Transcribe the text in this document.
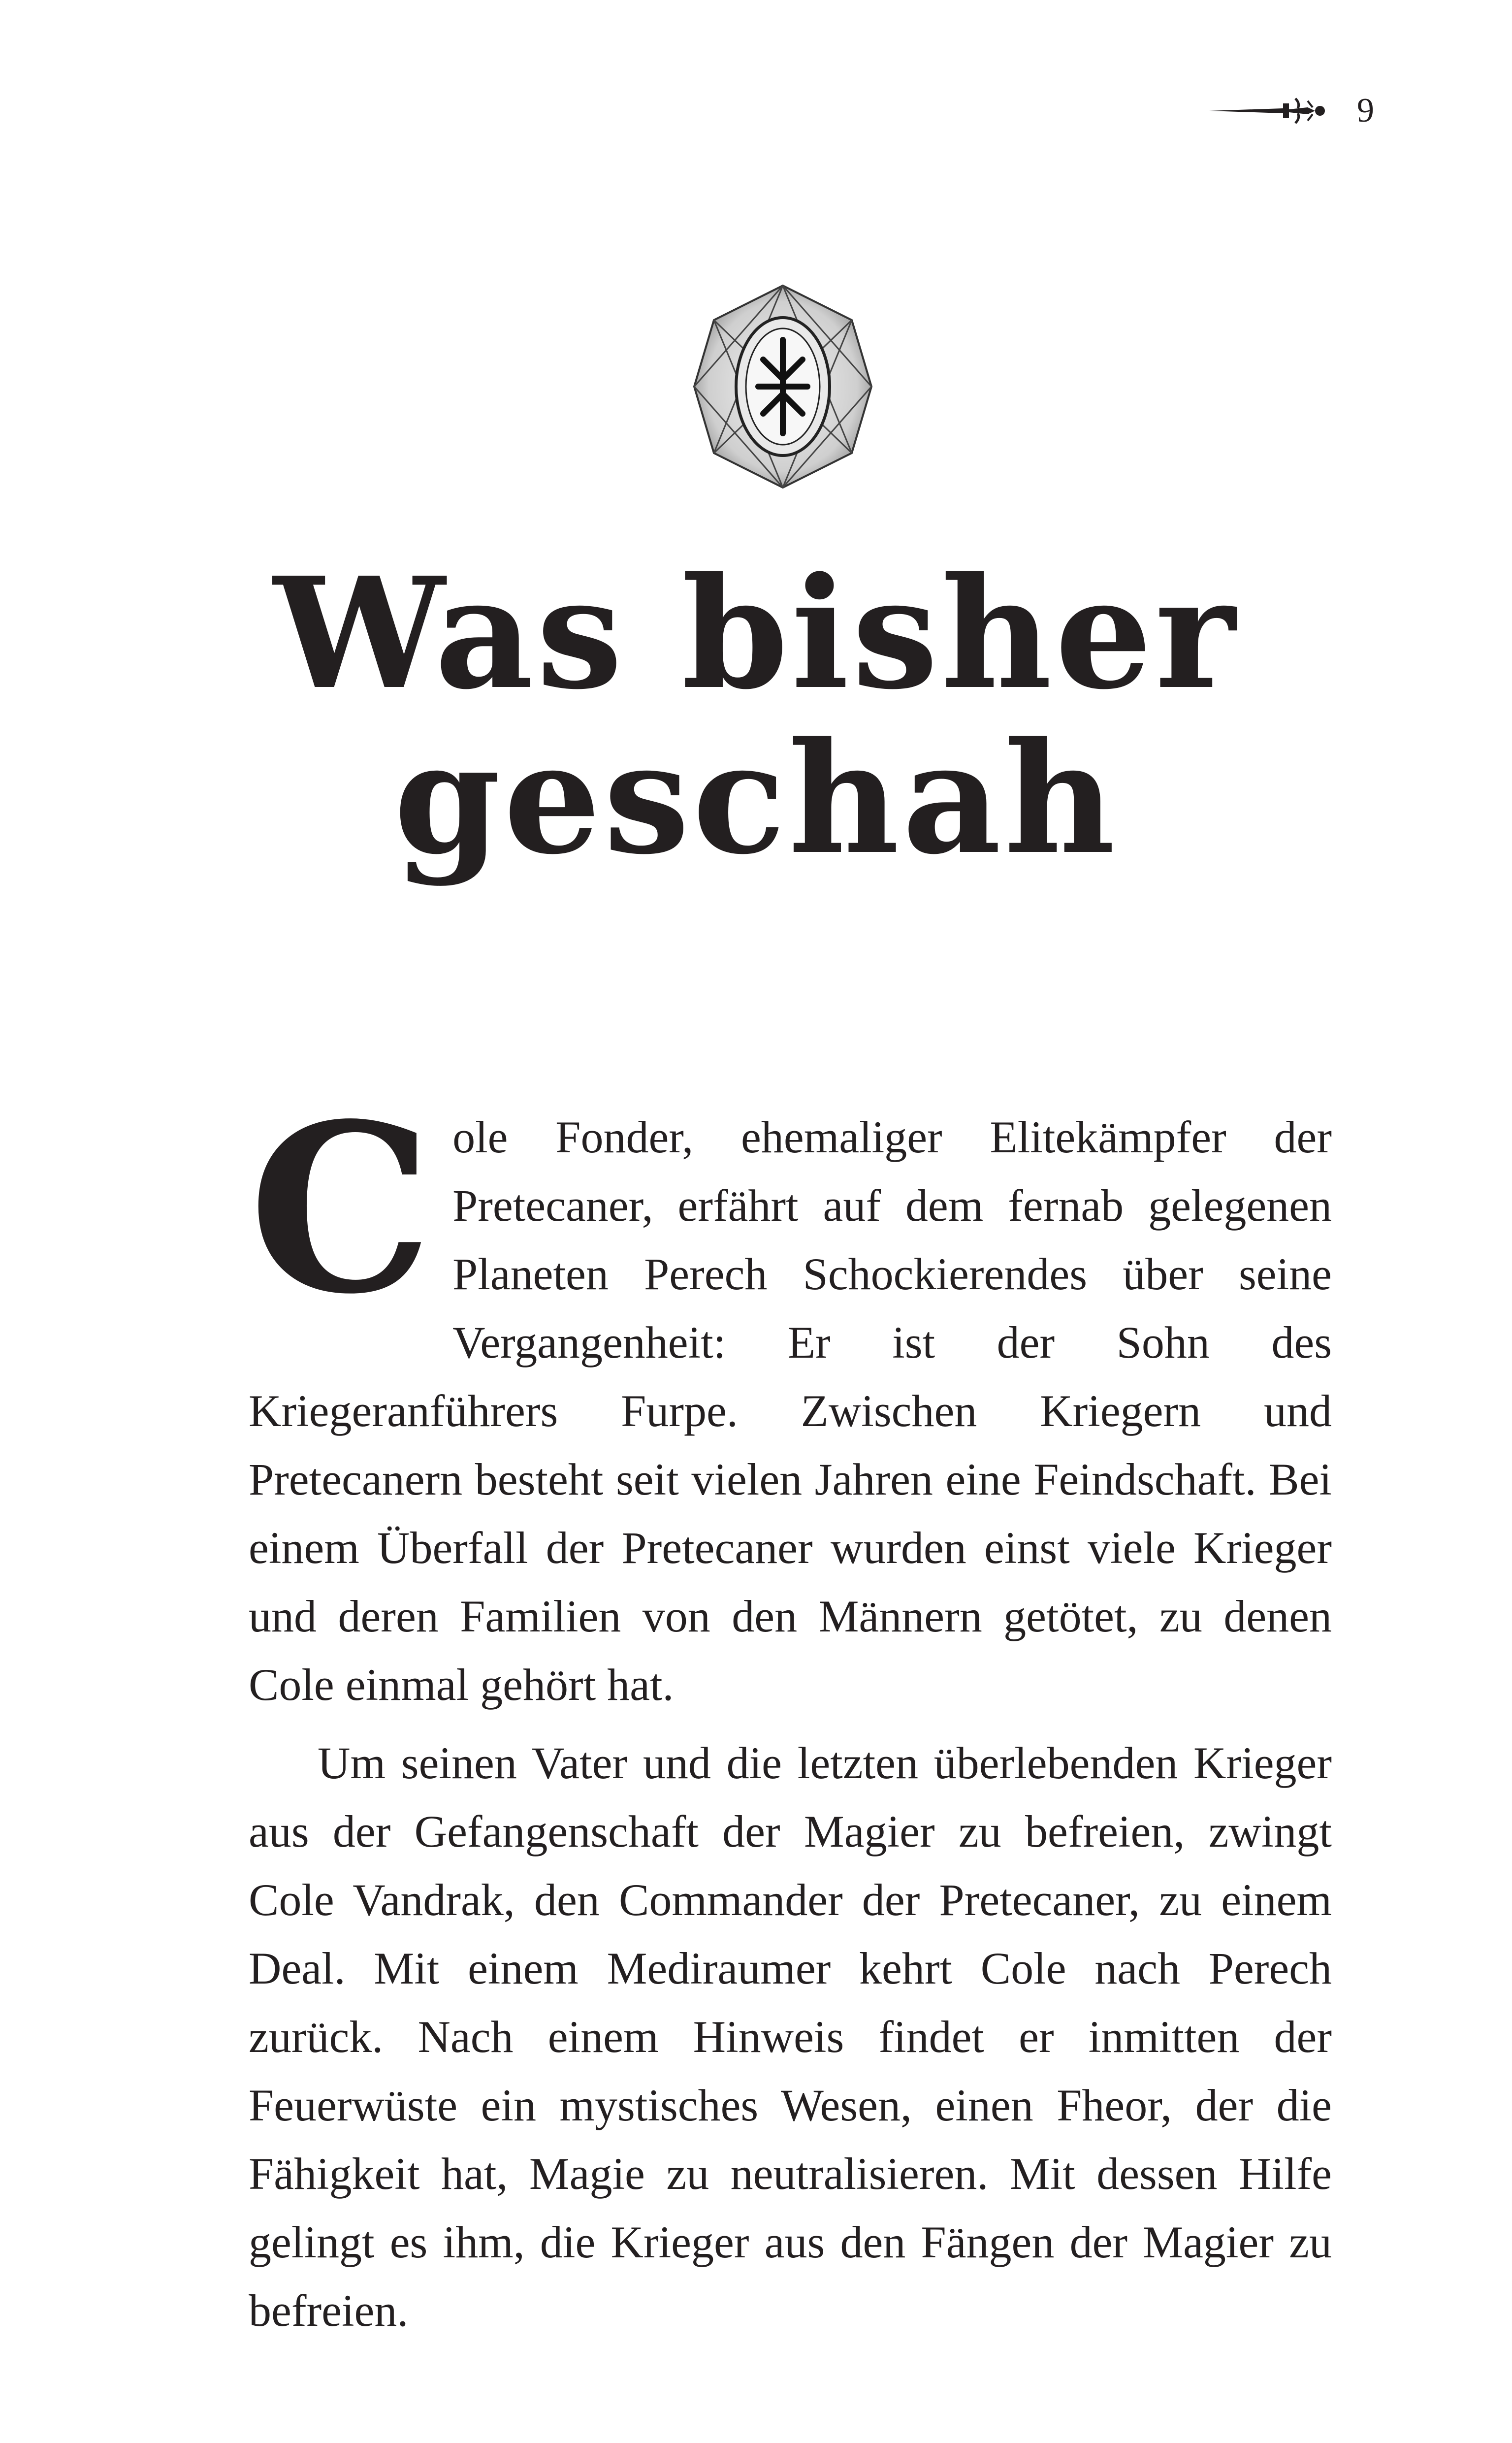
9
Was bisher
geschah

Cole Fonder, ehemaliger Elitekämpfer der Pretecaner, erfährt auf dem fernab gelegenen Planeten Perech Schockierendes über seine Vergangenheit: Er ist der Sohn des Kriegeranführers Furpe. Zwischen Kriegern und Pretecanern besteht seit vielen Jahren eine Feindschaft. Bei einem Überfall der Pretecaner wurden einst viele Krieger und deren Familien von den Männern getötet, zu denen Cole einmal gehört hat.

Um seinen Vater und die letzten überlebenden Krieger aus der Gefangenschaft der Magier zu befreien, zwingt Cole Vandrak, den Commander der Pretecaner, zu einem Deal. Mit einem Mediraumer kehrt Cole nach Perech zurück. Nach einem Hinweis findet er inmitten der Feuerwüste ein mystisches Wesen, einen Fheor, der die Fähigkeit hat, Magie zu neutralisieren. Mit dessen Hilfe gelingt es ihm, die Krieger aus den Fängen der Magier zu befreien.
